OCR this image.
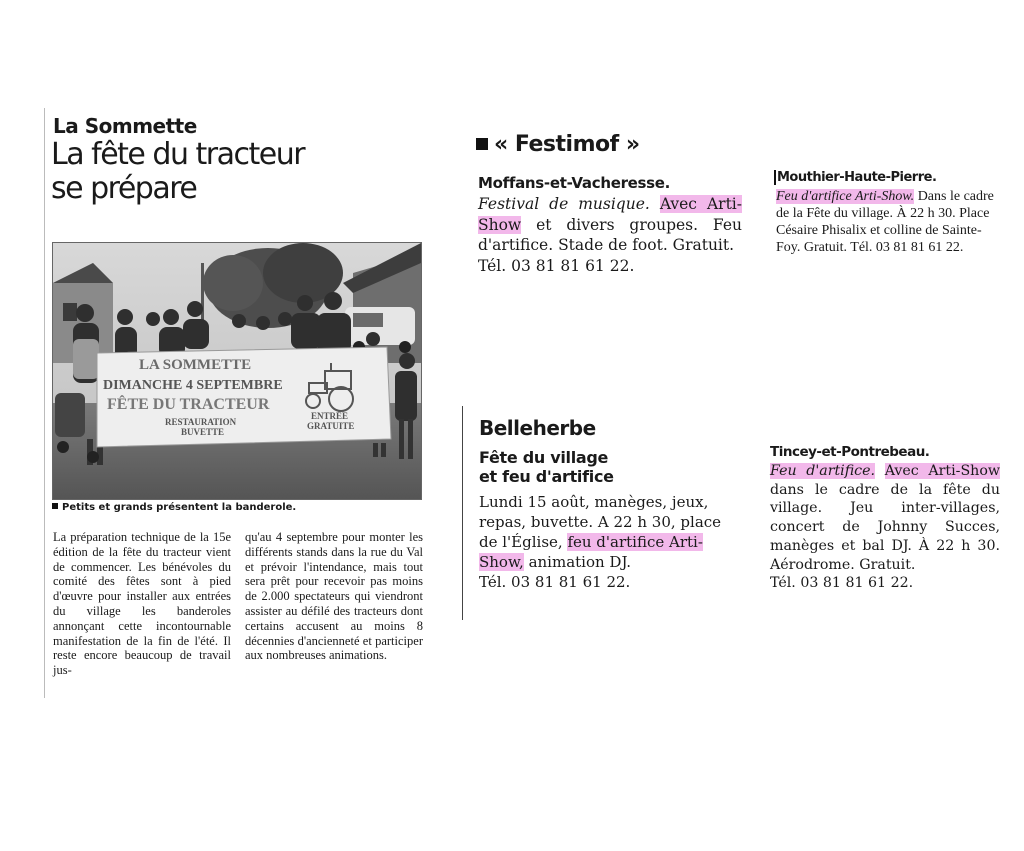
La Sommette
La fête du tracteur
se prépare
LA SOMMETTE
DIMANCHE 4 SEPTEMBRE
FÊTE DU TRACTEUR
RESTAURATION
BUVETTE
ENTRÉE
GRATUITE
Petits et grands présentent la banderole.
La préparation technique de la 15e édition de la fête du tracteur vient de commencer. Les bénévoles du comité des fêtes sont à pied d'œuvre pour installer aux entrées du village les banderoles annonçant cette incontournable manifestation de la fin de l'été. Il reste encore beaucoup de travail jus-
qu'au 4 septembre pour monter les différents stands dans la rue du Val et prévoir l'intendance, mais tout sera prêt pour recevoir pas moins de 2.000 spectateurs qui viendront assister au défilé des tracteurs dont certains accusent au moins 8 décennies d'ancienneté et participer aux nombreuses animations.
« Festimof »
Moffans-et-Vacheresse.
Festival de musique. Avec Arti-Show et divers groupes. Feu d'artifice. Stade de foot. Gratuit.
Tél. 03 81 81 61 22.
Mouthier-Haute-Pierre.
Feu d'artifice Arti-Show. Dans le cadre de la Fête du village. À 22 h 30. Place Césaire Phisalix et colline de Sainte-Foy. Gratuit. Tél. 03 81 81 61 22.
Belleherbe
Fête du village
et feu d'artifice
Lundi 15 août, manèges, jeux, repas, buvette. A 22 h 30, place de l'Église, feu d'artifice Arti-Show, animation DJ.
Tél. 03 81 81 61 22.
Tincey-et-Pontrebeau.
Feu d'artifice. Avec Arti-Show dans le cadre de la fête du village. Jeu inter-villages, concert de Johnny Succes, manèges et bal DJ. À 22 h 30. Aérodrome. Gratuit.
Tél. 03 81 81 61 22.
